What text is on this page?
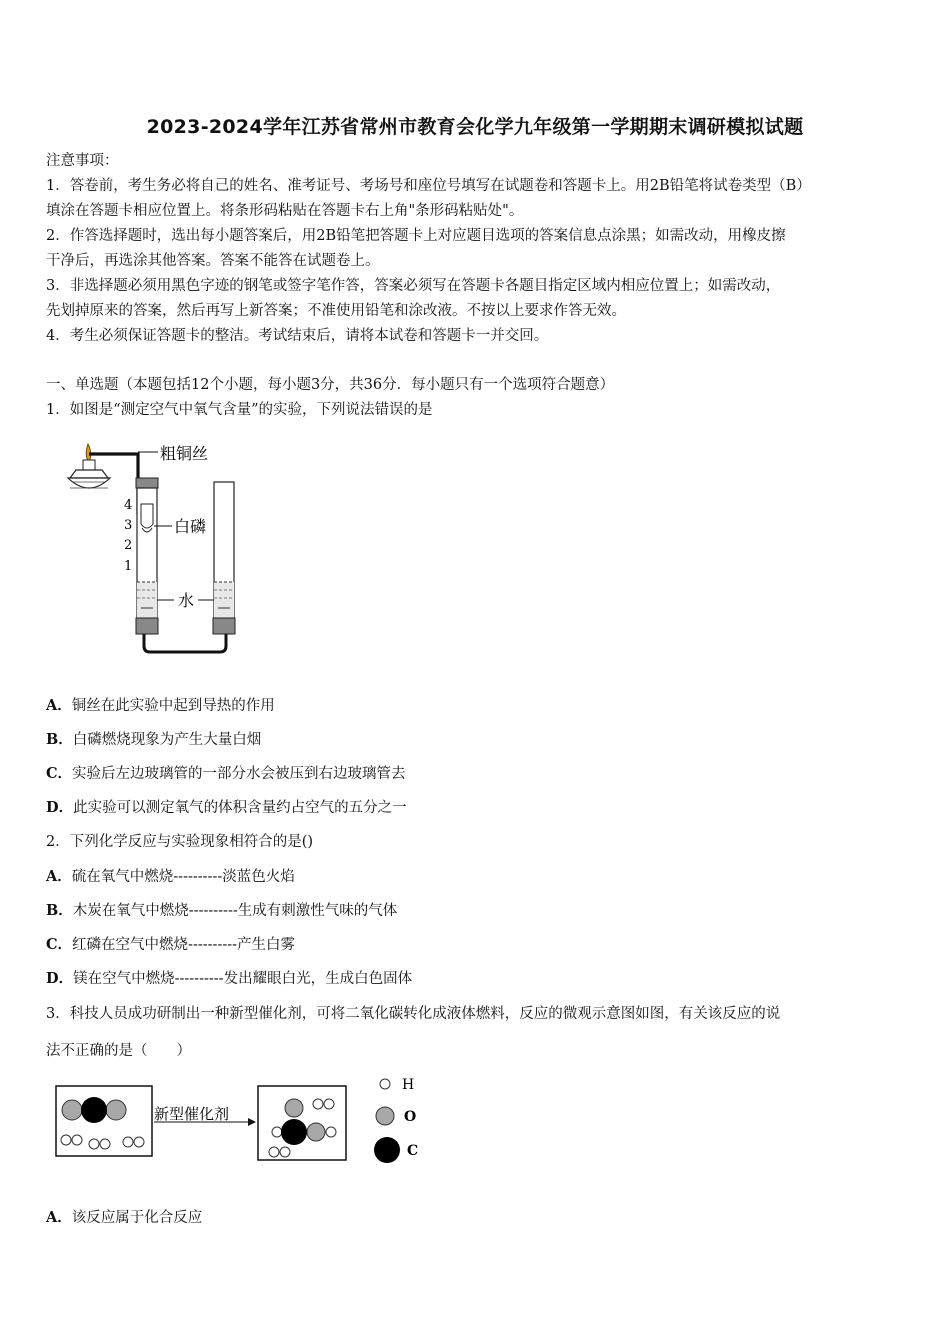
2023-2024学年江苏省常州市教育会化学九年级第一学期期末调研模拟试题
注意事项：
1．答卷前，考生务必将自己的姓名、准考证号、考场号和座位号填写在试题卷和答题卡上。用2B铅笔将试卷类型（B）
填涂在答题卡相应位置上。将条形码粘贴在答题卡右上角"条形码粘贴处"。
2．作答选择题时，选出每小题答案后，用2B铅笔把答题卡上对应题目选项的答案信息点涂黑；如需改动，用橡皮擦
干净后，再选涂其他答案。答案不能答在试题卷上。
3．非选择题必须用黑色字迹的钢笔或签字笔作答，答案必须写在答题卡各题目指定区域内相应位置上；如需改动，
先划掉原来的答案，然后再写上新答案；不准使用铅笔和涂改液。不按以上要求作答无效。
4．考生必须保证答题卡的整洁。考试结束后，请将本试卷和答题卡一并交回。
一、单选题（本题包括12个小题，每小题3分，共36分．每小题只有一个选项符合题意）
1．如图是“测定空气中氧气含量”的实验，下列说法错误的是
粗铜丝
白磷
水
4
3
2
1
A．铜丝在此实验中起到导热的作用
B．白磷燃烧现象为产生大量白烟
C．实验后左边玻璃管的一部分水会被压到右边玻璃管去
D．此实验可以测定氧气的体积含量约占空气的五分之一
2．下列化学反应与实验现象相符合的是()
A．硫在氧气中燃烧----------淡蓝色火焰
B．木炭在氧气中燃烧----------生成有刺激性气味的气体
C．红磷在空气中燃烧----------产生白雾
D．镁在空气中燃烧----------发出耀眼白光，生成白色固体
3．科技人员成功研制出一种新型催化剂，可将二氧化碳转化成液体燃料，反应的微观示意图如图，有关该反应的说
法不正确的是（　　）
新型催化剂
H
O
C
A．该反应属于化合反应
